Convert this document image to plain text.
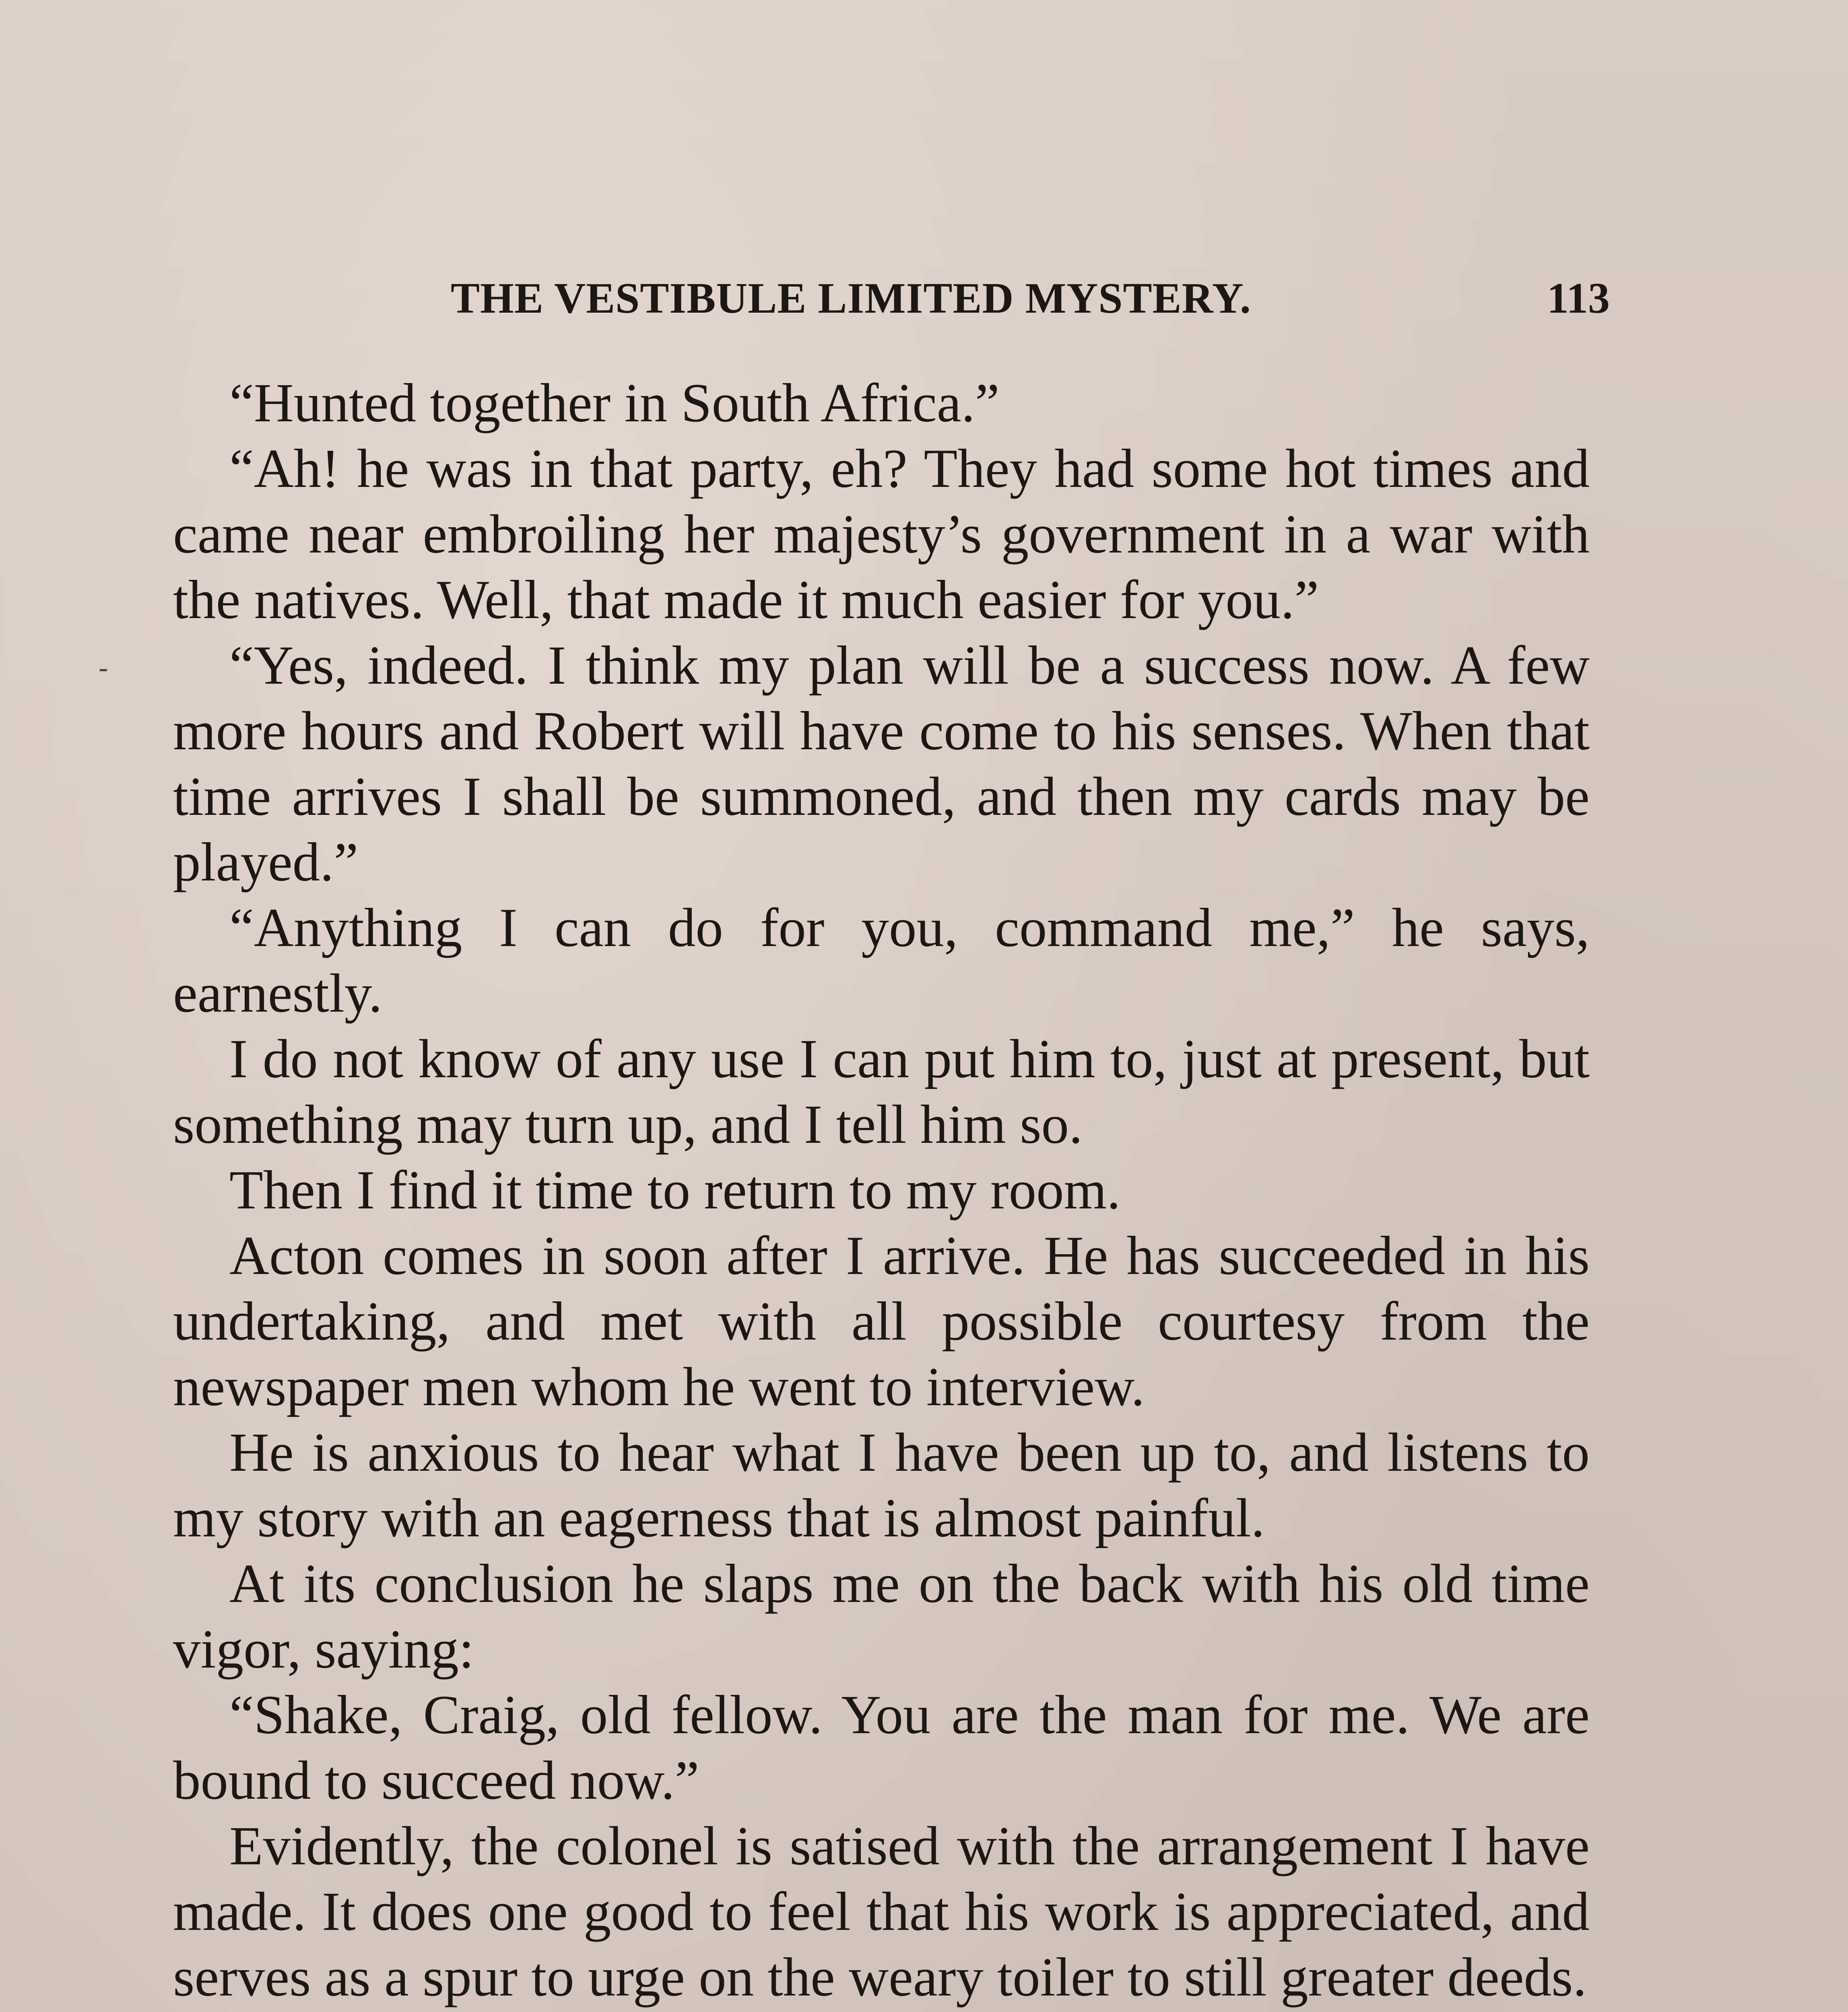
THE VESTIBULE LIMITED MYSTERY.	113

“Hunted together in South Africa.”

“Ah! he was in that party, eh? They had some hot times and came near embroiling her majesty’s government in a war with the natives. Well, that made it much easier for you.”

“Yes, indeed. I think my plan will be a success now. A few more hours and Robert will have come to his senses. When that time arrives I shall be summoned, and then my cards may be played.”

“Anything I can do for you, command me,” he says, earnestly.

I do not know of any use I can put him to, just at present, but something may turn up, and I tell him so.

Then I find it time to return to my room.

Acton comes in soon after I arrive. He has succeeded in his undertaking, and met with all possible courtesy from the newspaper men whom he went to interview.

He is anxious to hear what I have been up to, and listens to my story with an eagerness that is almost painful.

At its conclusion he slaps me on the back with his old time vigor, saying:

“Shake, Craig, old fellow. You are the man for me. We are bound to succeed now.”

Evidently, the colonel is satised with the arrangement I have made. It does one good to feel that his work is appreciated, and serves as a spur to urge on the weary toiler to still greater deeds.

-
